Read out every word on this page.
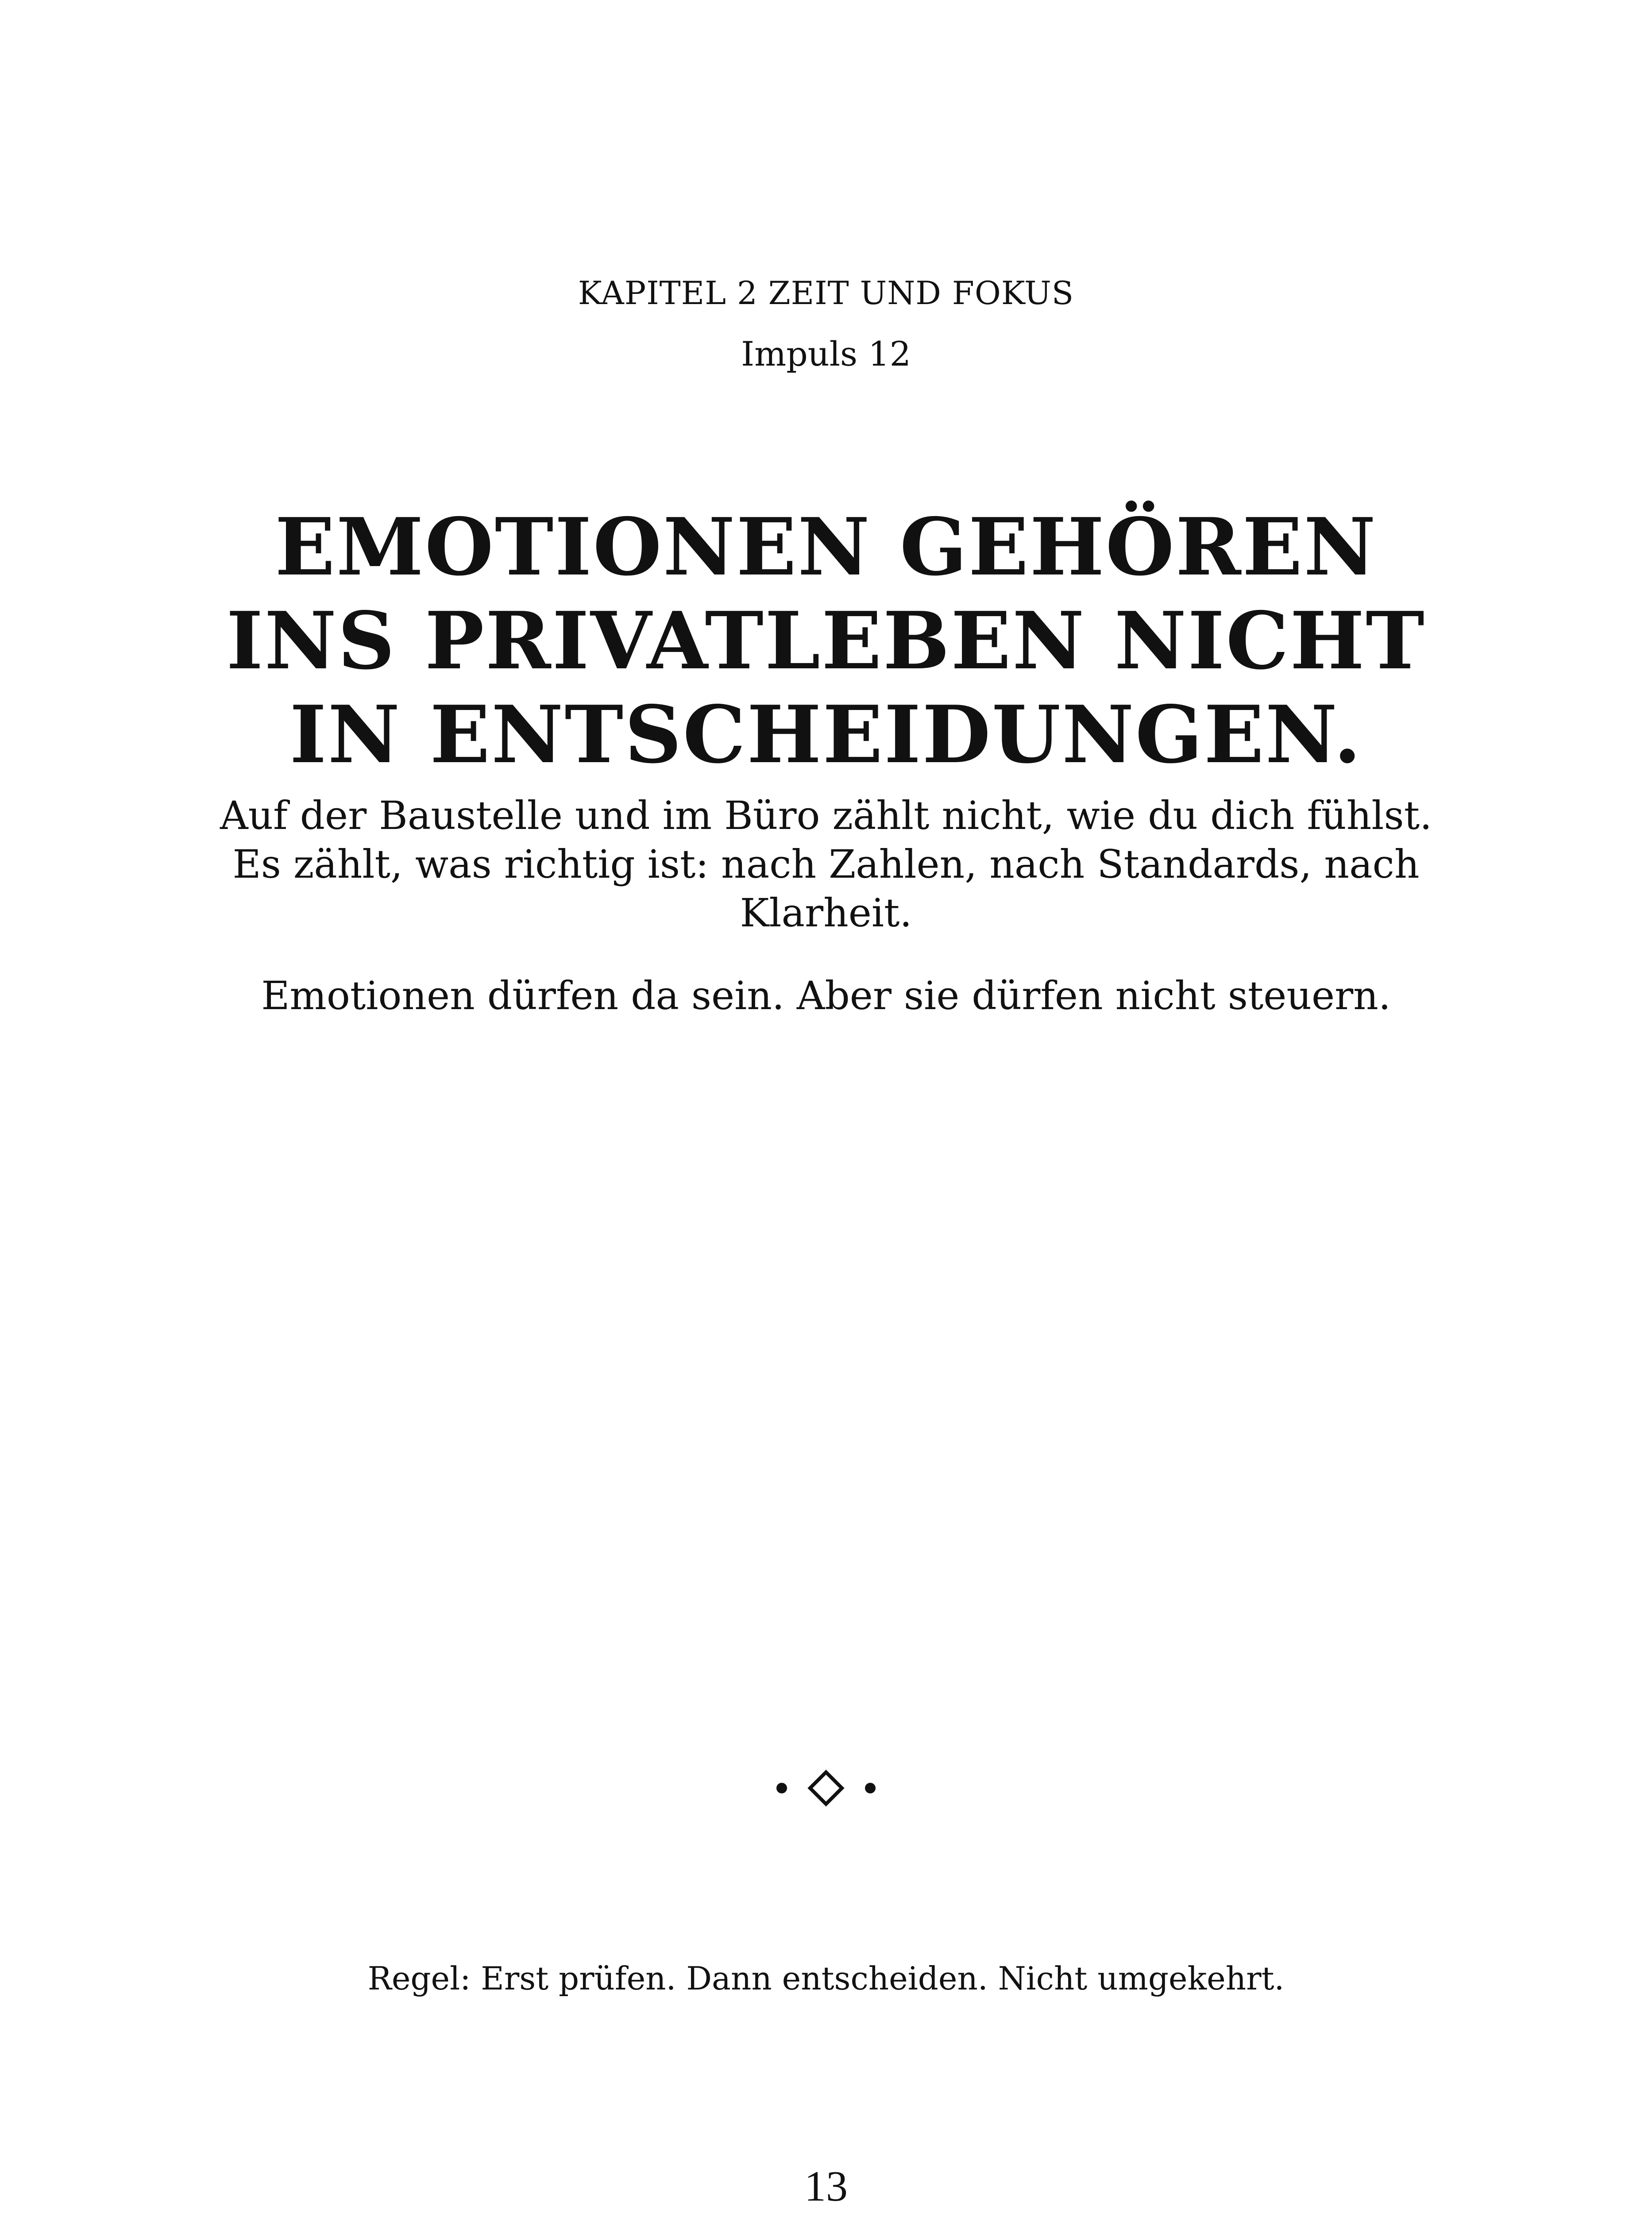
KAPITEL 2 ZEIT UND FOKUS
Impuls 12
EMOTIONEN GEHÖREN INS PRIVATLEBEN NICHT IN ENTSCHEIDUNGEN.
Auf der Baustelle und im Büro zählt nicht, wie du dich fühlst. Es zählt, was richtig ist: nach Zahlen, nach Standards, nach Klarheit.
Emotionen dürfen da sein. Aber sie dürfen nicht steuern.
Regel: Erst prüfen. Dann entscheiden. Nicht umgekehrt.
13
